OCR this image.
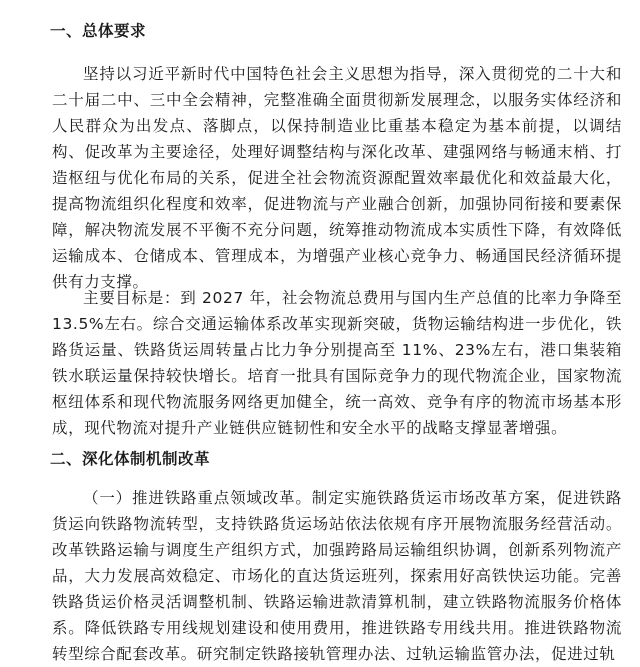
一、总体要求

坚持以习近平新时代中国特色社会主义思想为指导，深入贯彻党的二十大和二十届二中、三中全会精神，完整准确全面贯彻新发展理念，以服务实体经济和人民群众为出发点、落脚点，以保持制造业比重基本稳定为基本前提，以调结构、促改革为主要途径，处理好调整结构与深化改革、建强网络与畅通末梢、打造枢纽与优化布局的关系，促进全社会物流资源配置效率最优化和效益最大化，提高物流组织化程度和效率，促进物流与产业融合创新，加强协同衔接和要素保障，解决物流发展不平衡不充分问题，统筹推动物流成本实质性下降，有效降低运输成本、仓储成本、管理成本，为增强产业核心竞争力、畅通国民经济循环提供有力支撑。

主要目标是：到 2027 年，社会物流总费用与国内生产总值的比率力争降至 13.5%左右。综合交通运输体系改革实现新突破，货物运输结构进一步优化，铁路货运量、铁路货运周转量占比力争分别提高至 11%、23%左右，港口集装箱铁水联运量保持较快增长。培育一批具有国际竞争力的现代物流企业，国家物流枢纽体系和现代物流服务网络更加健全，统一高效、竞争有序的物流市场基本形成，现代物流对提升产业链供应链韧性和安全水平的战略支撑显著增强。

二、深化体制机制改革

（一）推进铁路重点领域改革。制定实施铁路货运市场改革方案，促进铁路货运向铁路物流转型，支持铁路货运场站依法依规有序开展物流服务经营活动。改革铁路运输与调度生产组织方式，加强跨路局运输组织协调，创新系列物流产品，大力发展高效稳定、市场化的直达货运班列，探索用好高铁快运功能。完善铁路货运价格灵活调整机制、铁路运输进款清算机制，建立铁路物流服务价格体系。降低铁路专用线规划建设和使用费用，推进铁路专用线共用。推进铁路物流转型综合配套改革。研究制定铁路接轨管理办法、过轨运输监管办法，促进过轨
